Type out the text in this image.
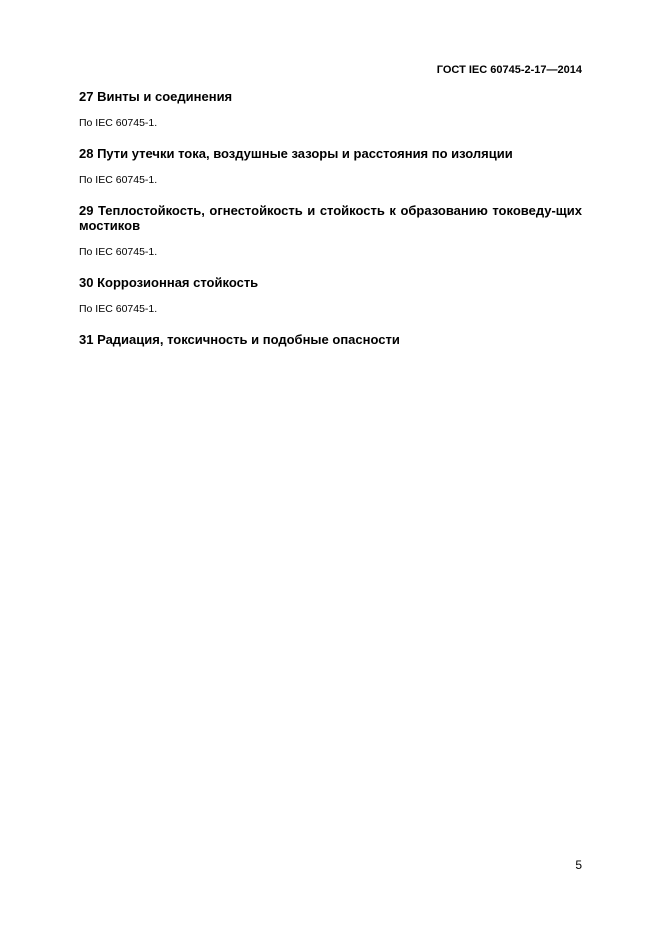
ГОСТ IEC 60745-2-17—2014
27 Винты и соединения

По IEC 60745-1.

28 Пути утечки тока, воздушные зазоры и расстояния по изоляции

По IEC 60745-1.

29 Теплостойкость, огнестойкость и стойкость к образованию токоведу-щих мостиков

По IEC 60745-1.

30 Коррозионная стойкость

По IEC 60745-1.

31 Радиация, токсичность и подобные опасности
5
